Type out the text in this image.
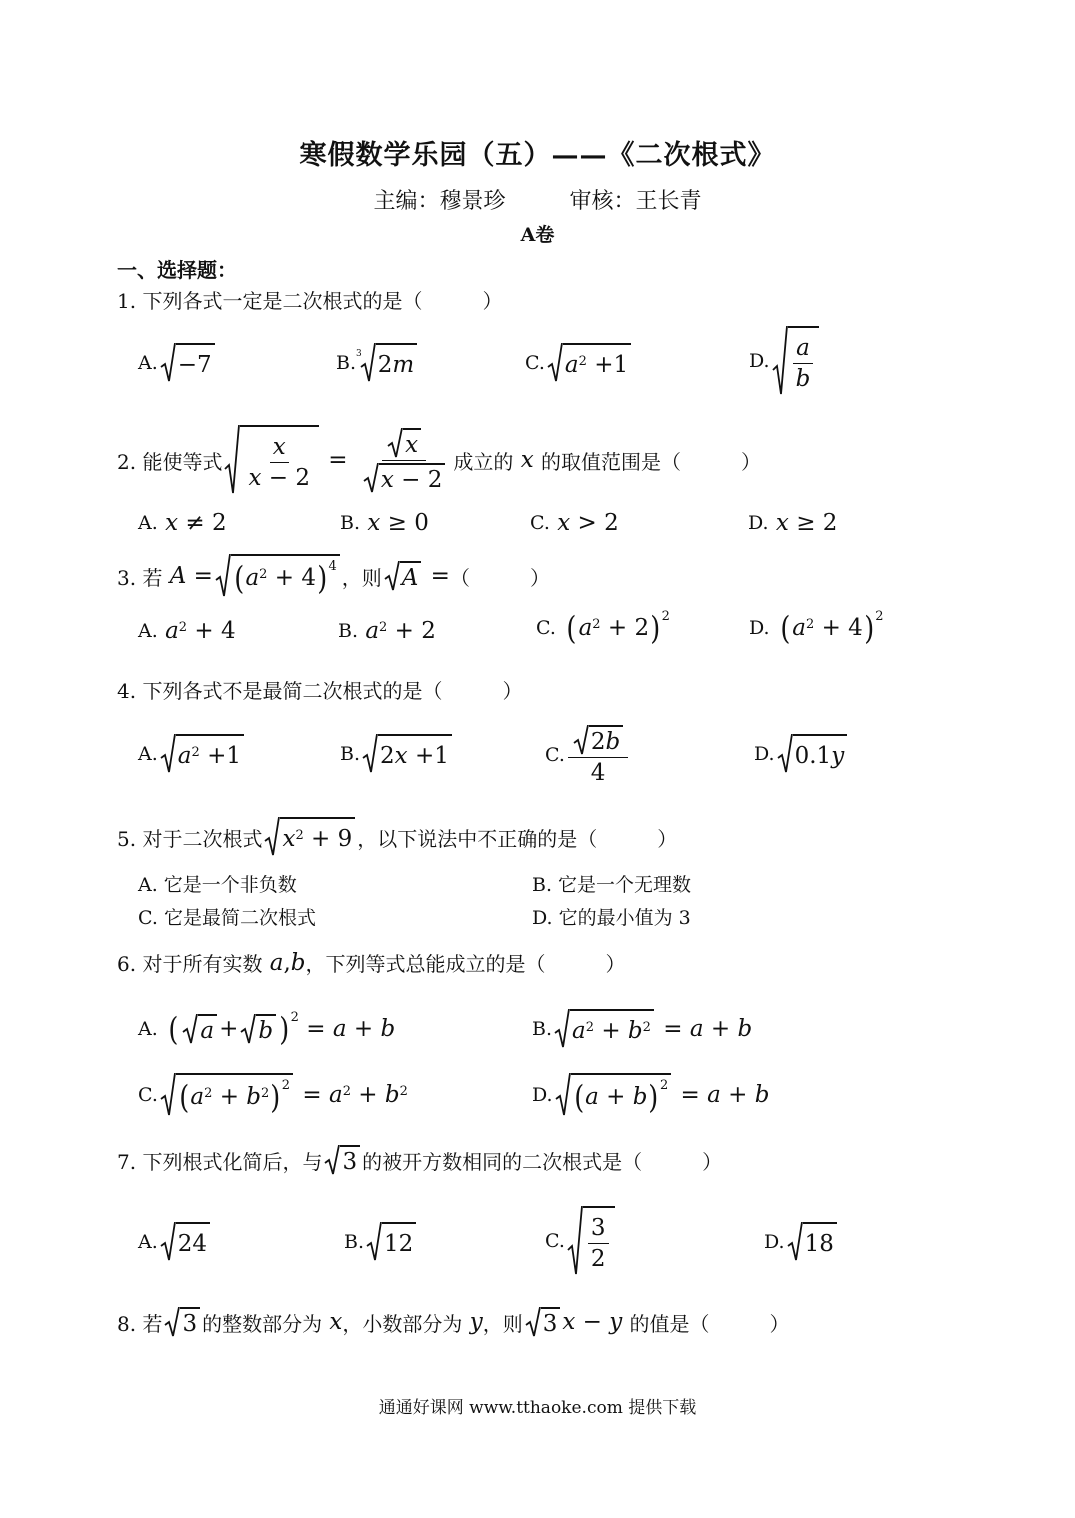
寒假数学乐园（五）——《二次根式》
主编：穆景珍	审核：王长青
A卷
一、选择题：
1. 下列各式一定是二次根式的是（　　　）
A. −7	B. 3 2 m	C. $a^2 +1$	D. $\frac{a}{b}$
2. 能使等式 $\frac{x}{x - 2} = \frac{x}{x - 2}$ 成立的 x 的取值范围是（　　　）
A. x ≠ 2	B. x ≥ 0	C. x > 2	D. x ≥ 2
3. 若 A = ( $a^2 + 4$ )$^4$ ，则 A = （　　　）
A. $a^2 + 4$	B. $a^2 + 2$	C. ( $a^2 + 2$ )$^2$
D. ( $a^2 + 4$ )$^2$
4. 下列各式不是最简二次根式的是（　　　）
A. $a^2 +1$	B. 2 x +1	C. $\frac{2 b}{4}$	D. 0.1 y
5. 对于二次根式 $x^2 + 9$ ，以下说法中不正确的是（　　　）
A. 它是一个非负数	B. 它是一个无理数
C. 它是最简二次根式	D. 它的最小值为 3
6. 对于所有实数 a , b ，下列等式总能成立的是（　　　）
A. ( a + b )$^2$ = a + b	B. $a^2 + b^2 = a + b$
C. ( $a^2 + b^2$ )$^2 = a^2 + b^2$	D. ( a + b )$^2$ = a + b
7. 下列根式化简后，与 3 的被开方数相同的二次根式是（　　　）
A. 24	B. 12	C. $\frac{3}{2}$	D. 18
8. 若 3 的整数部分为 x ，小数部分为 y ，则 3 x − y 的值是（　　　）
通通好课网 www.tthaoke.com 提供下载
